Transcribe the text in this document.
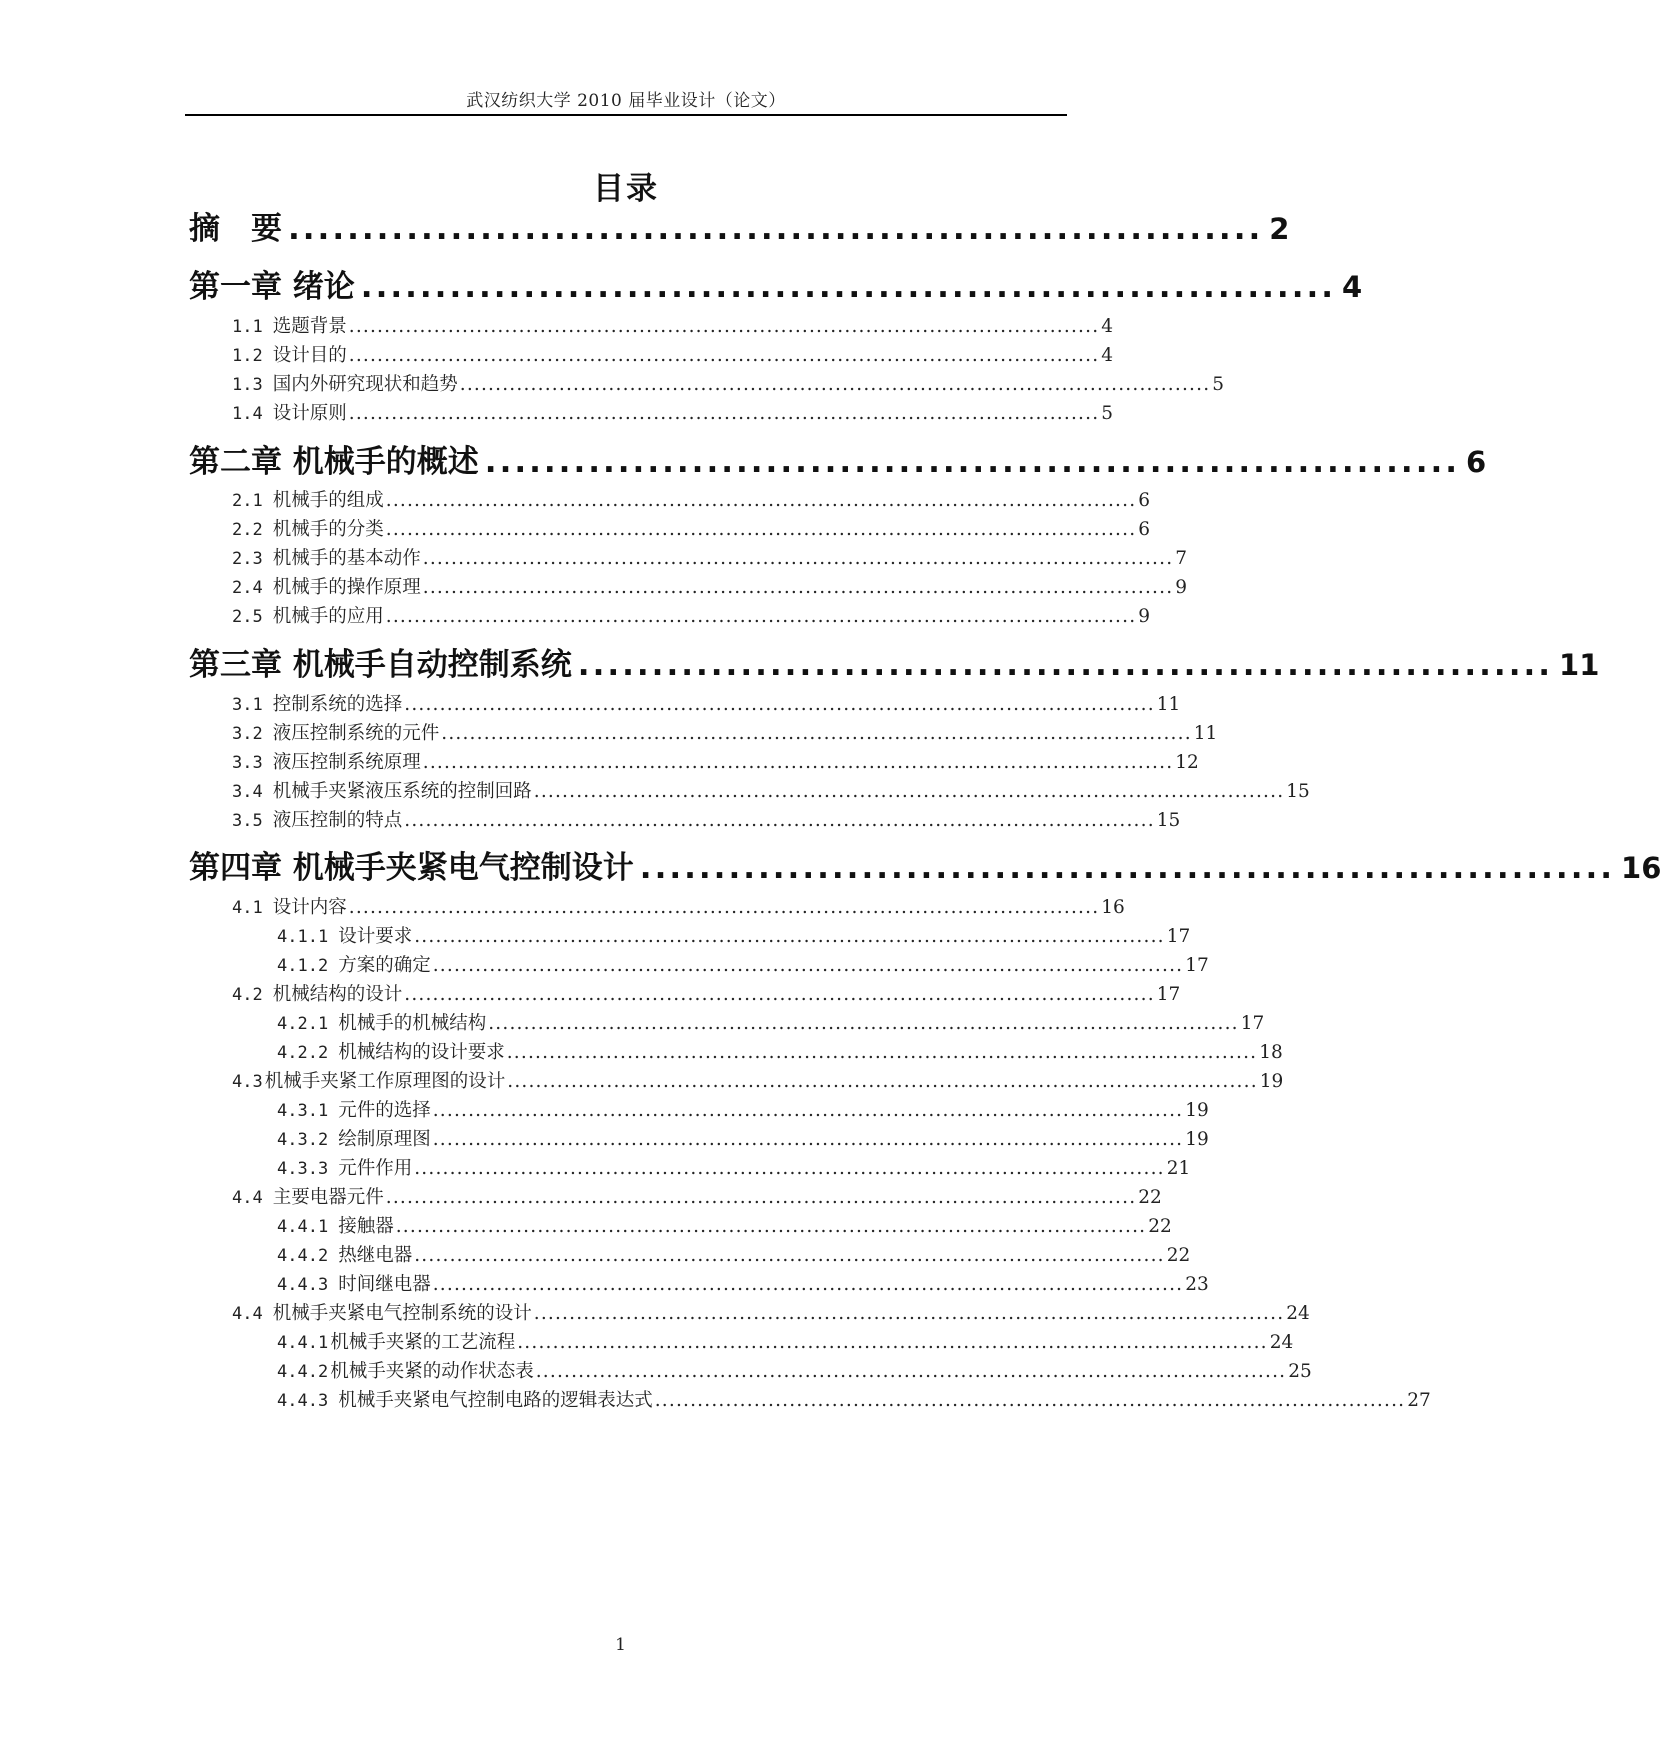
武汉纺织大学 2010 届毕业设计（论文）
目录
摘　要 .................................................................. 2
第一章 绪论 .................................................................. 4
1.1 选题背景 .......................................................................................................... 4
1.2 设计目的 .......................................................................................................... 4
1.3 国内外研究现状和趋势 .......................................................................................................... 5
1.4 设计原则 .......................................................................................................... 5
第二章 机械手的概述 .................................................................. 6
2.1 机械手的组成 .......................................................................................................... 6
2.2 机械手的分类 .......................................................................................................... 6
2.3 机械手的基本动作 .......................................................................................................... 7
2.4 机械手的操作原理 .......................................................................................................... 9
2.5 机械手的应用 .......................................................................................................... 9
第三章 机械手自动控制系统 .................................................................. 11
3.1 控制系统的选择 .......................................................................................................... 11
3.2 液压控制系统的元件 .......................................................................................................... 11
3.3 液压控制系统原理 .......................................................................................................... 12
3.4 机械手夹紧液压系统的控制回路 .......................................................................................................... 15
3.5 液压控制的特点 .......................................................................................................... 15
第四章 机械手夹紧电气控制设计 .................................................................. 16
4.1 设计内容 .......................................................................................................... 16
4.1.1 设计要求 .......................................................................................................... 17
4.1.2 方案的确定 .......................................................................................................... 17
4.2 机械结构的设计 .......................................................................................................... 17
4.2.1 机械手的机械结构 .......................................................................................................... 17
4.2.2 机械结构的设计要求 .......................................................................................................... 18
4.3 机械手夹紧工作原理图的设计 .......................................................................................................... 19
4.3.1 元件的选择 .......................................................................................................... 19
4.3.2 绘制原理图 .......................................................................................................... 19
4.3.3 元件作用 .......................................................................................................... 21
4.4 主要电器元件 .......................................................................................................... 22
4.4.1 接触器 .......................................................................................................... 22
4.4.2 热继电器 .......................................................................................................... 22
4.4.3 时间继电器 .......................................................................................................... 23
4.4 机械手夹紧电气控制系统的设计 .......................................................................................................... 24
4.4.1 机械手夹紧的工艺流程 .......................................................................................................... 24
4.4.2 机械手夹紧的动作状态表 .......................................................................................................... 25
4.4.3 机械手夹紧电气控制电路的逻辑表达式 .......................................................................................................... 27
1
